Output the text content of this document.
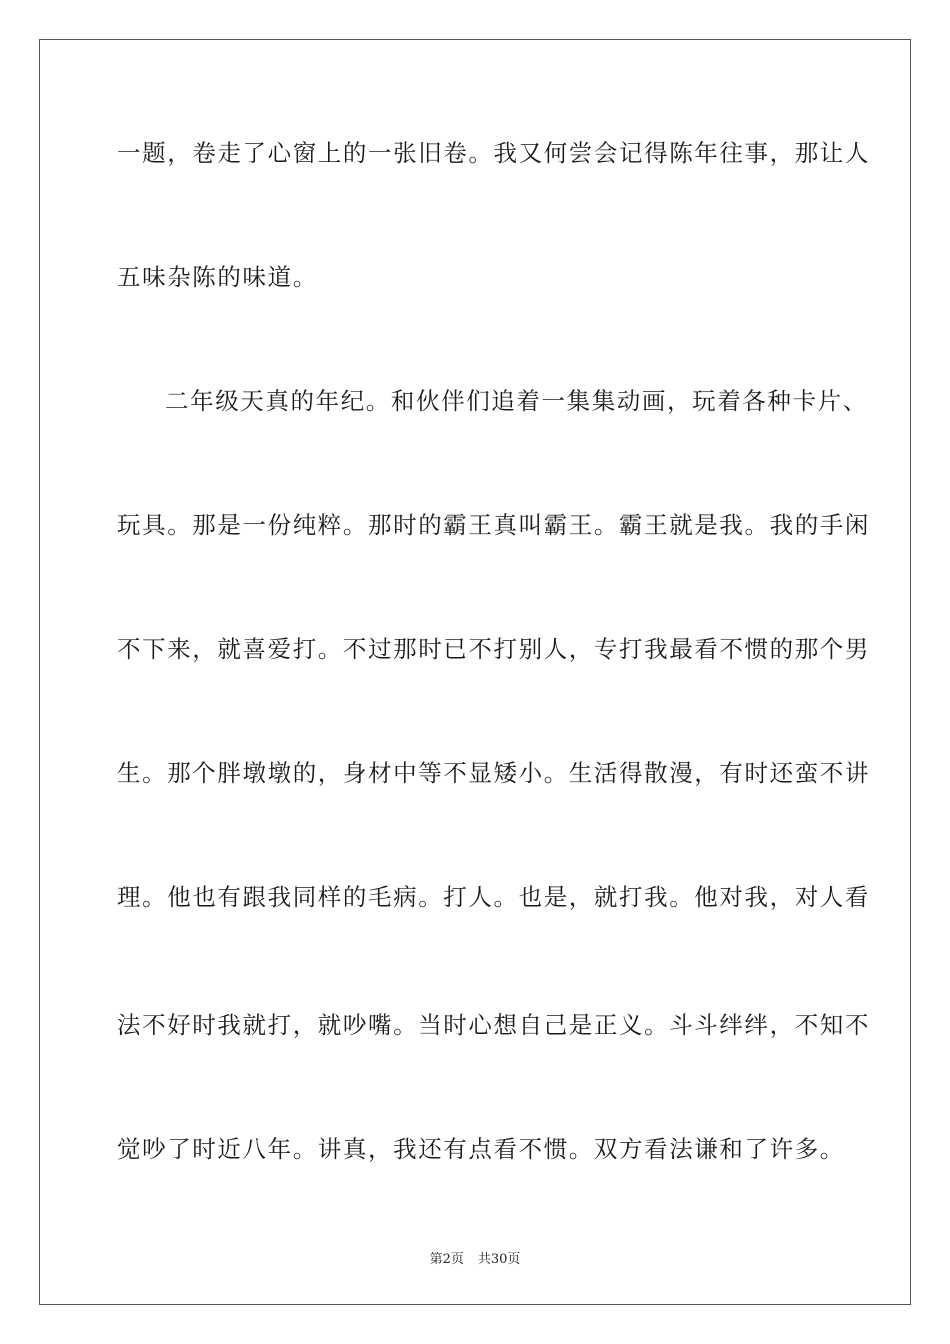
一题，卷走了心窗上的一张旧卷。我又何尝会记得陈年往事，那让人
五味杂陈的味道。
二年级天真的年纪。和伙伴们追着一集集动画，玩着各种卡片、
玩具。那是一份纯粹。那时的霸王真叫霸王。霸王就是我。我的手闲
不下来，就喜爱打。不过那时已不打别人，专打我最看不惯的那个男
生。那个胖墩墩的，身材中等不显矮小。生活得散漫，有时还蛮不讲
理。他也有跟我同样的毛病。打人。也是，就打我。他对我，对人看
法不好时我就打，就吵嘴。当时心想自己是正义。斗斗绊绊，不知不
觉吵了时近八年。讲真，我还有点看不惯。双方看法谦和了许多。
第2页 共30页
